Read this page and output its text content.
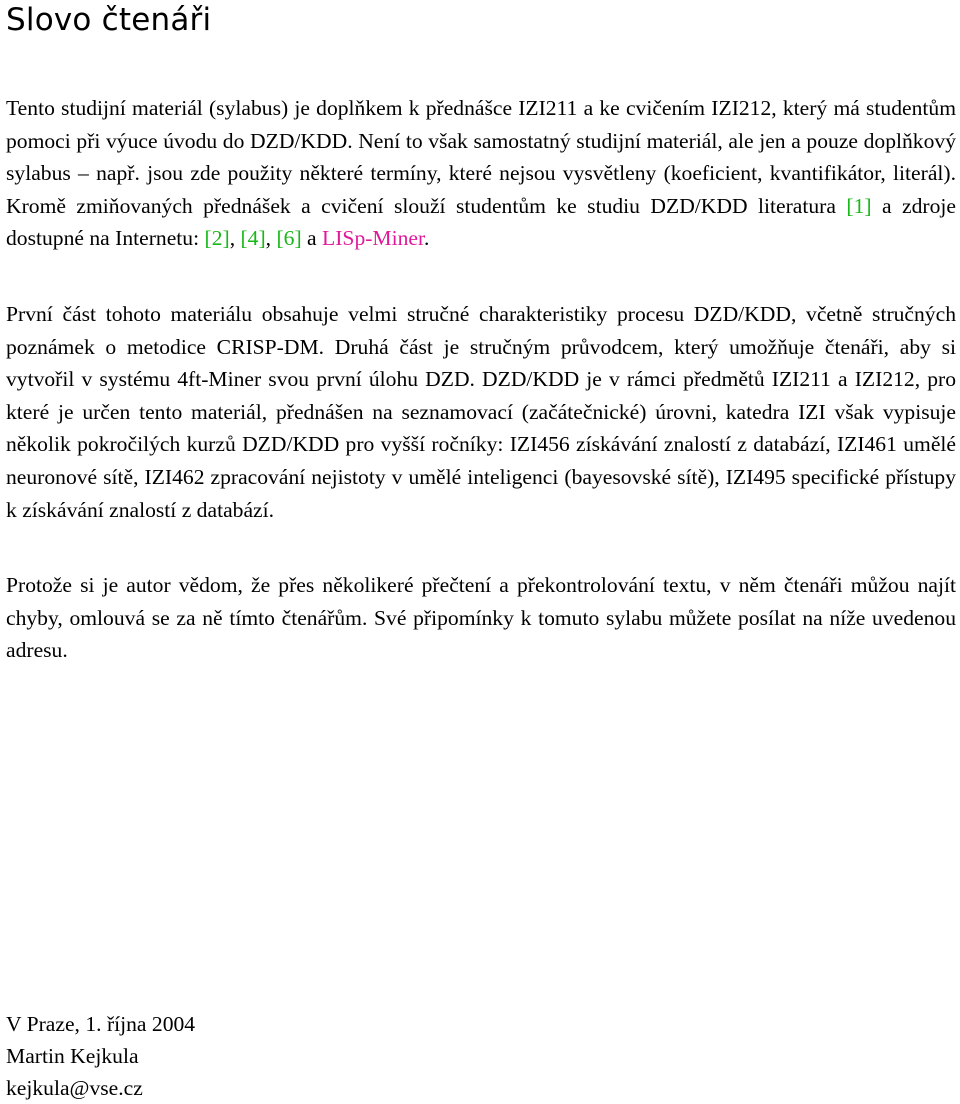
Slovo čtenáři

Tento studijní materiál (sylabus) je doplňkem k přednášce IZI211 a ke cvičením IZI212, který má studentům pomoci při výuce úvodu do DZD/KDD. Není to však samostatný studijní materiál, ale jen a pouze doplňkový sylabus – např. jsou zde použity některé termíny, které nejsou vysvětleny (koeficient, kvantifikátor, literál). Kromě zmiňovaných přednášek a cvičení slouží studentům ke studiu DZD/KDD literatura [1] a zdroje dostupné na Internetu: [2], [4], [6] a LISp-Miner.

První část tohoto materiálu obsahuje velmi stručné charakteristiky procesu DZD/KDD, včetně stručných poznámek o metodice CRISP-DM. Druhá část je stručným průvodcem, který umožňuje čtenáři, aby si vytvořil v systému 4ft-Miner svou první úlohu DZD. DZD/KDD je v rámci předmětů IZI211 a IZI212, pro které je určen tento materiál, přednášen na seznamovací (začátečnické) úrovni, katedra IZI však vypisuje několik pokročilých kurzů DZD/KDD pro vyšší ročníky: IZI456 získávání znalostí z databází, IZI461 umělé neuronové sítě, IZI462 zpracování nejistoty v umělé inteligenci (bayesovské sítě), IZI495 specifické přístupy k získávání znalostí z databází.

Protože si je autor vědom, že přes několikeré přečtení a překontrolování textu, v něm čtenáři můžou najít chyby, omlouvá se za ně tímto čtenářům. Své připomínky k tomuto sylabu můžete posílat na níže uvedenou adresu.

V Praze, 1. října 2004
Martin Kejkula
kejkula@vse.cz
